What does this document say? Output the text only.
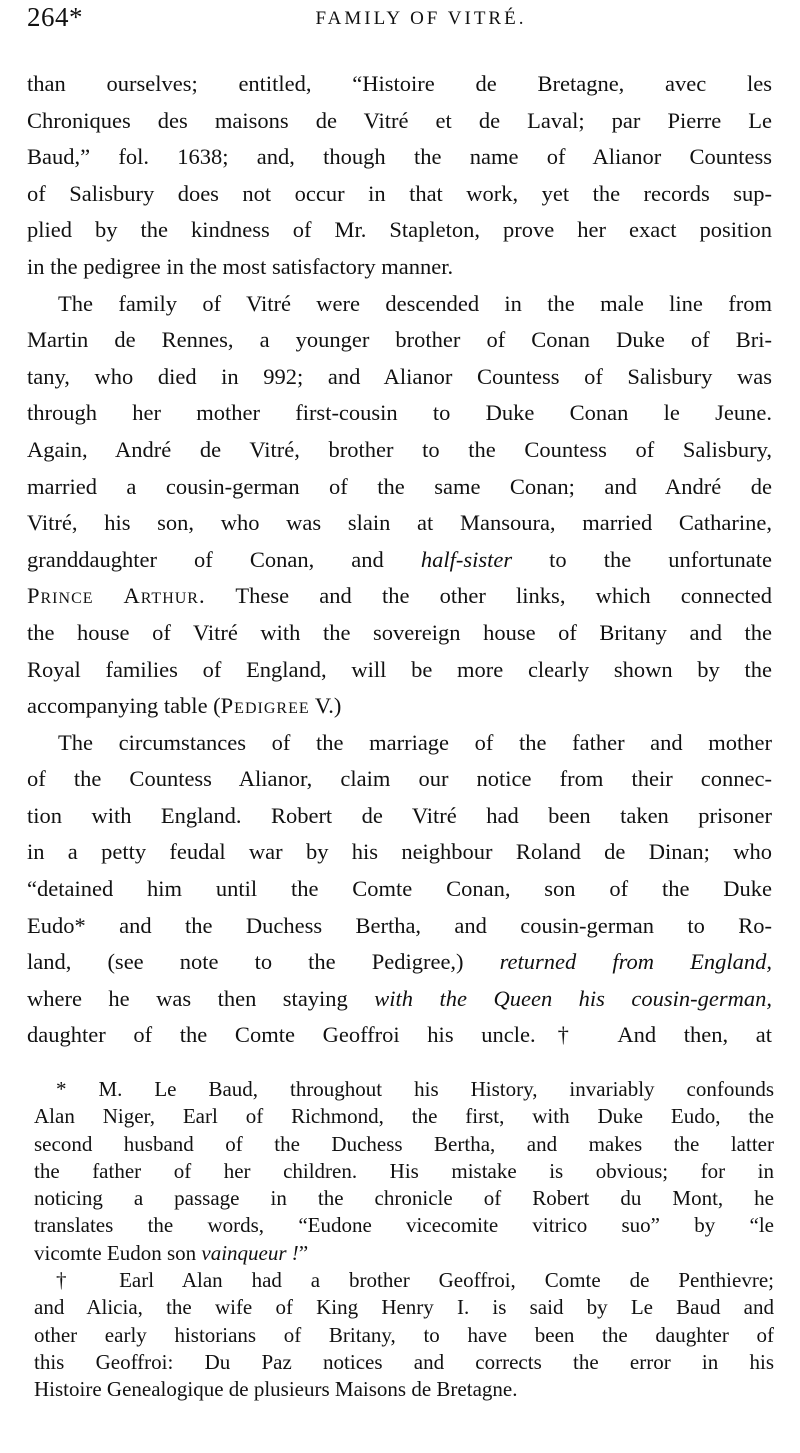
264*	FAMILY OF VITRÉ.
than ourselves; entitled, “Histoire de Bretagne, avec les
Chroniques des maisons de Vitré et de Laval; par Pierre Le
Baud,” fol. 1638; and, though the name of Alianor Countess
of Salisbury does not occur in that work, yet the records sup-
plied by the kindness of Mr. Stapleton, prove her exact position
in the pedigree in the most satisfactory manner.
The family of Vitré were descended in the male line from
Martin de Rennes, a younger brother of Conan Duke of Bri-
tany, who died in 992; and Alianor Countess of Salisbury was
through her mother first-cousin to Duke Conan le Jeune.
Again, André de Vitré, brother to the Countess of Salisbury,
married a cousin-german of the same Conan; and André de
Vitré, his son, who was slain at Mansoura, married Catharine,
granddaughter of Conan, and half-sister to the unfortunate
Prince Arthur. These and the other links, which connected
the house of Vitré with the sovereign house of Britany and the
Royal families of England, will be more clearly shown by the
accompanying table (Pedigree V.)
The circumstances of the marriage of the father and mother
of the Countess Alianor, claim our notice from their connec-
tion with England. Robert de Vitré had been taken prisoner
in a petty feudal war by his neighbour Roland de Dinan; who
“detained him until the Comte Conan, son of the Duke
Eudo* and the Duchess Bertha, and cousin-german to Ro-
land, (see note to the Pedigree,) returned from England,
where he was then staying with the Queen his cousin-german,
daughter of the Comte Geoffroi his uncle.† And then, at
* M. Le Baud, throughout his History, invariably confounds
Alan Niger, Earl of Richmond, the first, with Duke Eudo, the
second husband of the Duchess Bertha, and makes the latter
the father of her children. His mistake is obvious; for in
noticing a passage in the chronicle of Robert du Mont, he
translates the words, “Eudone vicecomite vitrico suo” by “le
vicomte Eudon son vainqueur !”
† Earl Alan had a brother Geoffroi, Comte de Penthievre;
and Alicia, the wife of King Henry I. is said by Le Baud and
other early historians of Britany, to have been the daughter of
this Geoffroi: Du Paz notices and corrects the error in his
Histoire Genealogique de plusieurs Maisons de Bretagne.
